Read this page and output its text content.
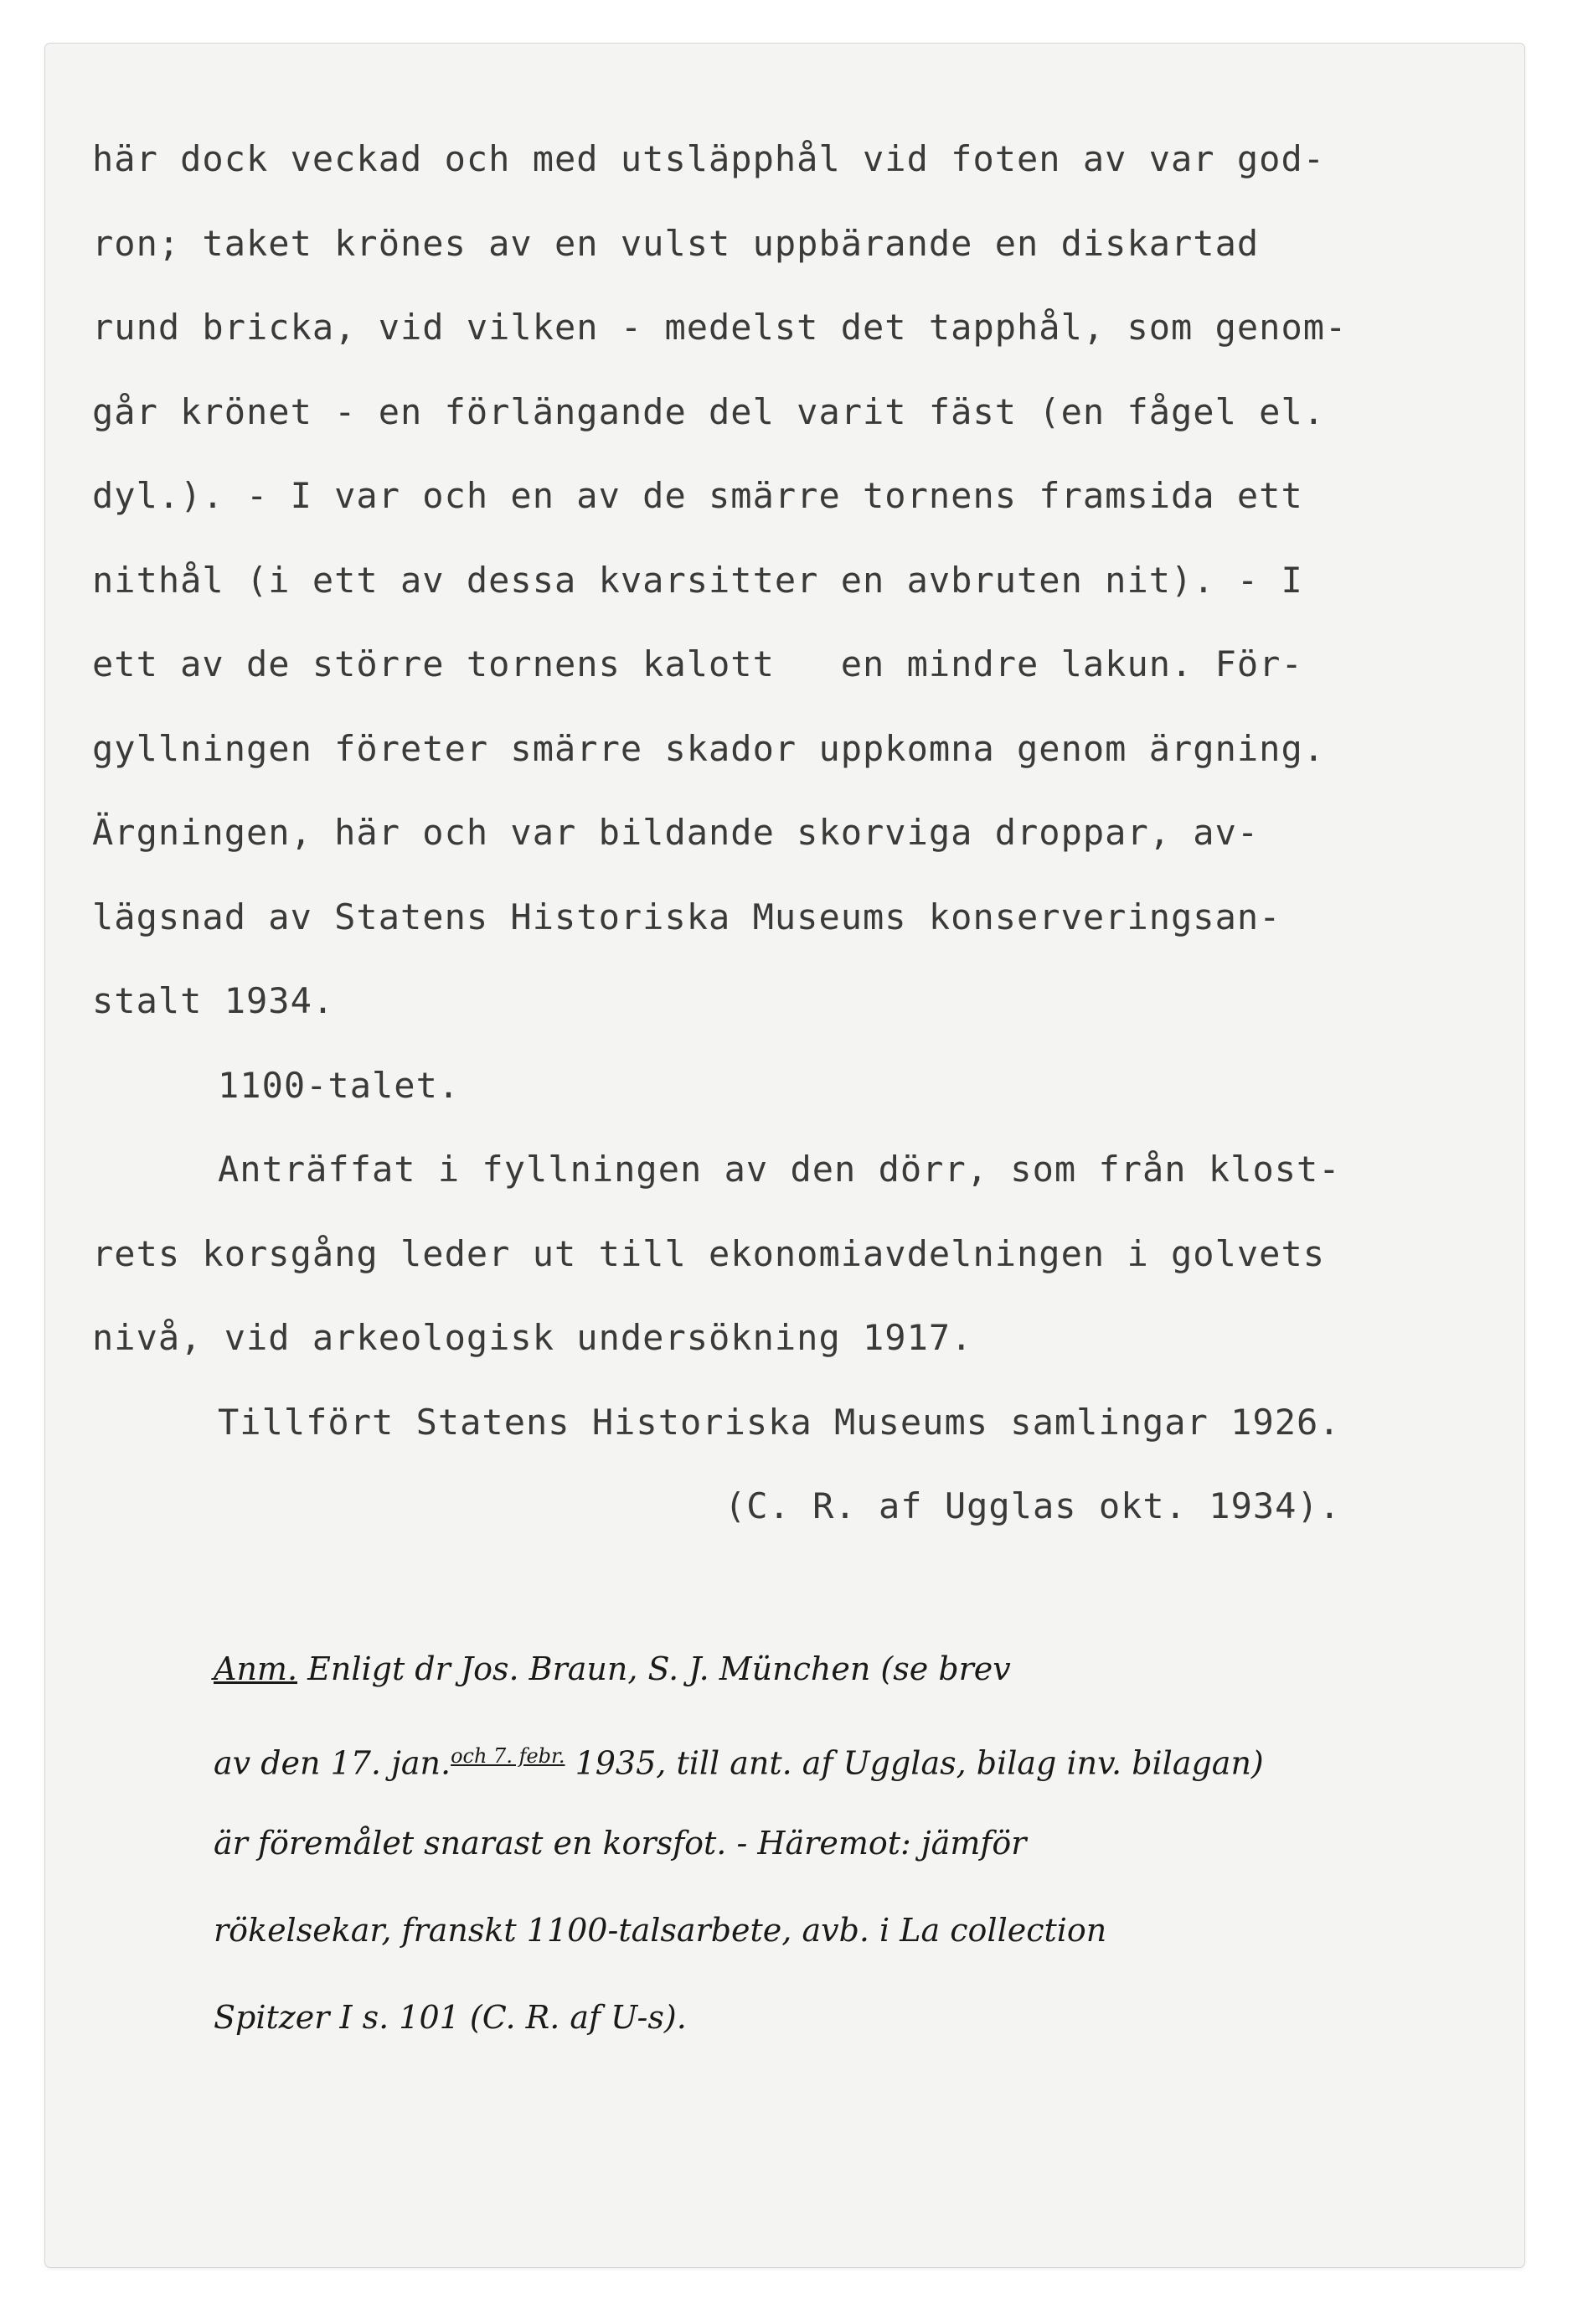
här dock veckad och med utsläpphål vid foten av var god-
ron; taket krönes av en vulst uppbärande en diskartad
rund bricka, vid vilken - medelst det tapphål, som genom-
går krönet - en förlängande del varit fäst (en fågel el.
dyl.). - I var och en av de smärre tornens framsida ett
nithål (i ett av dessa kvarsitter en avbruten nit). - I
ett av de större tornens kalott   en mindre lakun. För-
gyllningen företer smärre skador uppkomna genom ärgning.
Ärgningen, här och var bildande skorviga droppar, av-
lägsnad av Statens Historiska Museums konserveringsan-
stalt 1934.
1100-talet.
Anträffat i fyllningen av den dörr, som från klost-
rets korsgång leder ut till ekonomiavdelningen i golvets
nivå, vid arkeologisk undersökning 1917.
Tillfört Statens Historiska Museums samlingar 1926.
(C. R. af Ugglas okt. 1934).
Anm. Enligt dr Jos. Braun, S. J. München (se brev
av den 17. jan.$^{och 7. febr.}$ 1935, till ant. af Ugglas, bilag inv. bilagan)
är föremålet snarast en korsfot. - Häremot: jämför
rökelsekar, franskt 1100-talsarbete, avb. i La collection
Spitzer I s. 101 (C. R. af U-s).
